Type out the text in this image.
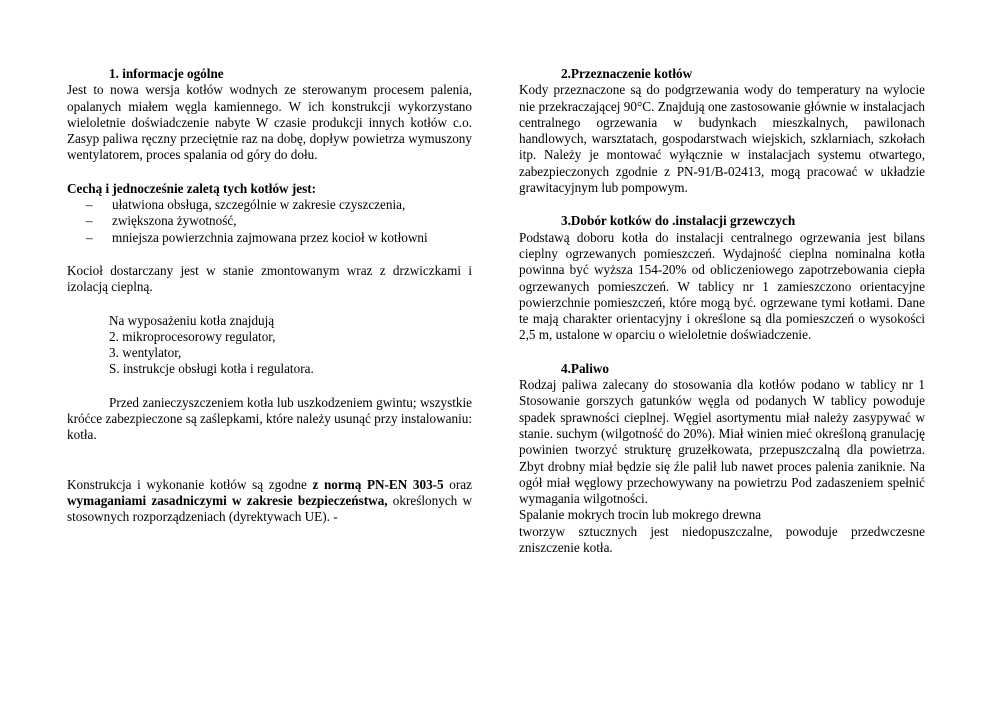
1. informacje ogólne

Jest to nowa wersja kotłów wodnych ze sterowanym procesem palenia, opalanych miałem węgla kamiennego. W ich konstrukcji wykorzystano wieloletnie doświadczenie nabyte W czasie produkcji innych kotłów c.o. Zasyp paliwa ręczny przeciętnie raz na dobę, dopływ powietrza wymuszony wentylatorem, proces spalania od góry do dołu.

Cechą i jednocześnie zaletą tych kotłów jest:

– ułatwiona obsługa, szczególnie w zakresie czyszczenia,
– zwiększona żywotność,
– mniejsza powierzchnia zajmowana przez kocioł w kotłowni

Kocioł dostarczany jest w stanie zmontowanym wraz z drzwiczkami i izolacją cieplną.

Na wyposażeniu kotła znajdują

2. mikroprocesorowy regulator,

3. wentylator,

S. instrukcje obsługi kotła i regulatora.

Przed zanieczyszczeniem kotła lub uszkodzeniem gwintu; wszystkie króćce zabezpieczone są zaślepkami, które należy usunąć przy instalowaniu: kotła.

Konstrukcja i wykonanie kotłów są zgodne z normą PN-EN 303-5 oraz wymaganiami zasadniczymi w zakresie bezpieczeństwa, określonych w stosownych rozporządzeniach (dyrektywach UE). -

2.Przeznaczenie kotłów

Kody przeznaczone są do podgrzewania wody do temperatury na wylocie nie przekraczającej 90°C. Znajdują one zastosowanie głównie w instalacjach centralnego ogrzewania w budynkach mieszkalnych, pawilonach handlowych, warsztatach, gospodarstwach wiejskich, szklarniach, szkołach itp. Należy je montować wyłącznie w instalacjach systemu otwartego, zabezpieczonych zgodnie z PN-91/B-02413, mogą pracować w układzie grawitacyjnym lub pompowym.

3.Dobór kotków do .instalacji grzewczych

Podstawą doboru kotła do instalacji centralnego ogrzewania jest bilans cieplny ogrzewanych pomieszczeń. Wydajność cieplna nominalna kotła powinna być wyższa 154-20% od obliczeniowego zapotrzebowania ciepła ogrzewanych pomieszczeń. W tablicy nr 1 zamieszczono orientacyjne powierzchnie pomieszczeń, które mogą być. ogrzewane tymi kotłami. Dane te mają charakter orientacyjny i określone są dla pomieszczeń o wysokości 2,5 m, ustalone w oparciu o wieloletnie doświadczenie.

4.Paliwo

Rodzaj paliwa zalecany do stosowania dla kotłów podano w tablicy nr 1 Stosowanie gorszych gatunków węgla od podanych W tablicy powoduje spadek sprawności cieplnej. Węgiel asortymentu miał należy zasypywać w stanie. suchym (wilgotność do 20%). Miał winien mieć określoną granulację powinien tworzyć strukturę gruzełkowata, przepuszczalną dla powietrza. Zbyt drobny miał będzie się źle palił lub nawet proces palenia zaniknie. Na ogół miał węglowy przechowywany na powietrzu Pod zadaszeniem spełnić wymagania wilgotności.

Spalanie mokrych trocin lub mokrego drewna

tworzyw sztucznych jest niedopuszczalne, powoduje przedwczesne zniszczenie kotła.
